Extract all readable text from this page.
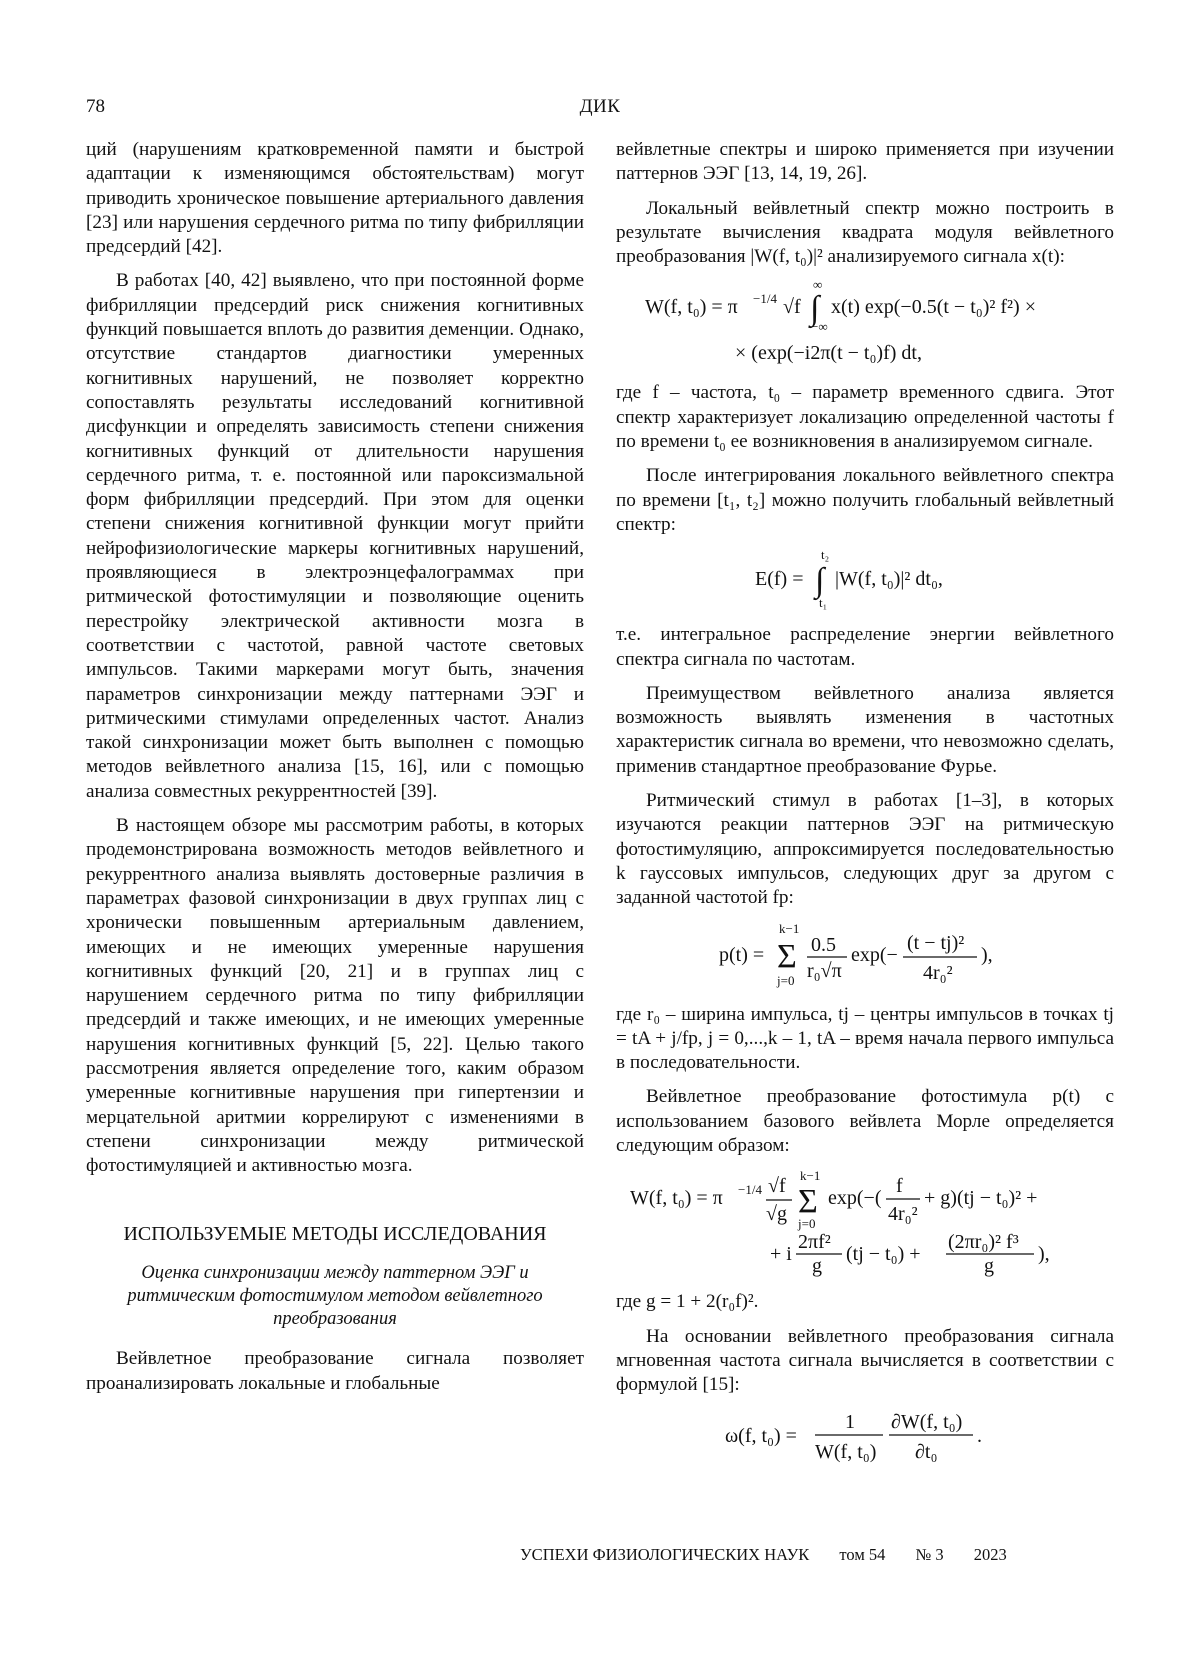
78	ДИК

ций (нарушениям кратковременной памяти и быстрой адаптации к изменяющимся обстоятельствам) могут приводить хроническое повышение артериального давления [23] или нарушения сердечного ритма по типу фибрилляции предсердий [42].

В работах [40, 42] выявлено, что при постоянной форме фибрилляции предсердий риск снижения когнитивных функций повышается вплоть до развития деменции. Однако, отсутствие стандартов диагностики умеренных когнитивных нарушений, не позволяет корректно сопоставлять результаты исследований когнитивной дисфункции и определять зависимость степени снижения когнитивных функций от длительности нарушения сердечного ритма, т. е. постоянной или пароксизмальной форм фибрилляции предсердий. При этом для оценки степени снижения когнитивной функции могут прийти нейрофизиологические маркеры когнитивных нарушений, проявляющиеся в электроэнцефалограммах при ритмической фотостимуляции и позволяющие оценить перестройку электрической активности мозга в соответствии с частотой, равной частоте световых импульсов. Такими маркерами могут быть, значения параметров синхронизации между паттернами ЭЭГ и ритмическими стимулами определенных частот. Анализ такой синхронизации может быть выполнен с помощью методов вейвлетного анализа [15, 16], или с помощью анализа совместных рекуррентностей [39].

В настоящем обзоре мы рассмотрим работы, в которых продемонстрирована возможность методов вейвлетного и рекуррентного анализа выявлять достоверные различия в параметрах фазовой синхронизации в двух группах лиц с хронически повышенным артериальным давлением, имеющих и не имеющих умеренные нарушения когнитивных функций [20, 21] и в группах лиц с нарушением сердечного ритма по типу фибрилляции предсердий и также имеющих, и не имеющих умеренные нарушения когнитивных функций [5, 22]. Целью такого рассмотрения является определение того, каким образом умеренные когнитивные нарушения при гипертензии и мерцательной аритмии коррелируют с изменениями в степени синхронизации между ритмической фотостимуляцией и активностью мозга.

ИСПОЛЬЗУЕМЫЕ МЕТОДЫ ИССЛЕДОВАНИЯ
Оценка синхронизации между паттерном ЭЭГ и ритмическим фотостимулом методом вейвлетного преобразования

Вейвлетное преобразование сигнала позволяет проанализировать локальные и глобальные

вейвлетные спектры и широко применяется при изучении паттернов ЭЭГ [13, 14, 19, 26].

Локальный вейвлетный спектр можно построить в результате вычисления квадрата модуля вейвлетного преобразования |W(f, t₀)|² анализируемого сигнала x(t):

W(f, t₀) = π −1/4 √f ∫
∞
−∞
x(t) exp(−0.5(t − t₀)² f²) ×
× (exp(−i2π(t − t₀)f) dt,

где f – частота, t₀ – параметр временного сдвига. Этот спектр характеризует локализацию определенной частоты f по времени t₀ ее возникновения в анализируемом сигнале.

После интегрирования локального вейвлетного спектра по времени [t₁, t₂] можно получить глобальный вейвлетный спектр:

E(f) = ∫
t₂
t₁
|W(f, t₀)|² dt₀,

т.е. интегральное распределение энергии вейвлетного спектра сигнала по частотам.

Преимуществом вейвлетного анализа является возможность выявлять изменения в частотных характеристик сигнала во времени, что невозможно сделать, применив стандартное преобразование Фурье.

Ритмический стимул в работах [1–3], в которых изучаются реакции паттернов ЭЭГ на ритмическую фотостимуляцию, аппроксимируется последовательностью k гауссовых импульсов, следующих друг за другом с заданной частотой fp:

p(t) = Σ
k−1
j=0
0.5
r₀√π
exp(−
(t − tj)²
4r₀²
),

где r₀ – ширина импульса, tj – центры импульсов в точках tj = tA + j/fp, j = 0,...,k – 1, tA – время начала первого импульса в последовательности.

Вейвлетное преобразование фотостимула p(t) с использованием базового вейвлета Морле определяется следующим образом:

W(f, t₀) = π −1/4 √f
√g Σ
k−1
j=0
exp(−(
f
4r₀²
+ g)(tj − t₀)² +
+ i
2πf²
g
(tj − t₀) +
(2πr₀)² f³
g
),

где g = 1 + 2(r₀f)².

На основании вейвлетного преобразования сигнала мгновенная частота сигнала вычисляется в соответствии с формулой [15]:

ω(f, t₀) =
1
W(f, t₀)
∂W(f, t₀)
∂t₀
.
УСПЕХИ ФИЗИОЛОГИЧЕСКИХ НАУК том 54 № 3 2023
